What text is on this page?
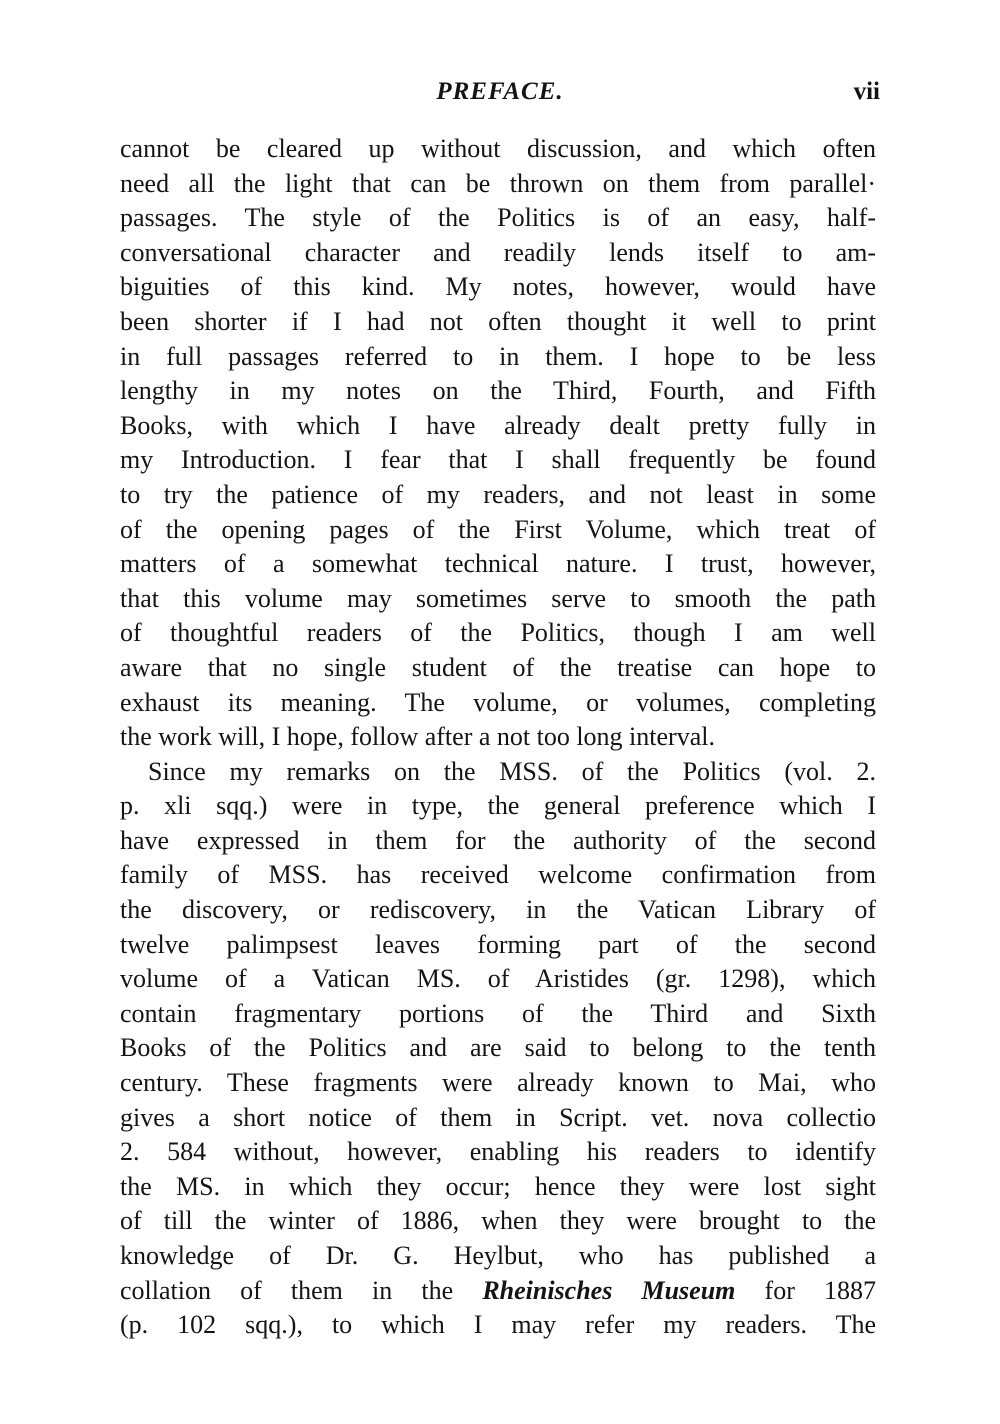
PREFACE.	vii
cannot be cleared up without discussion, and which often
need all the light that can be thrown on them from parallel·
passages. The style of the Politics is of an easy, half-
conversational character and readily lends itself to am-
biguities of this kind. My notes, however, would have
been shorter if I had not often thought it well to print
in full passages referred to in them. I hope to be less
lengthy in my notes on the Third, Fourth, and Fifth
Books, with which I have already dealt pretty fully in
my Introduction. I fear that I shall frequently be found
to try the patience of my readers, and not least in some
of the opening pages of the First Volume, which treat of
matters of a somewhat technical nature. I trust, however,
that this volume may sometimes serve to smooth the path
of thoughtful readers of the Politics, though I am well
aware that no single student of the treatise can hope to
exhaust its meaning. The volume, or volumes, completing
the work will, I hope, follow after a not too long interval.
Since my remarks on the MSS. of the Politics (vol. 2.
p. xli sqq.) were in type, the general preference which I
have expressed in them for the authority of the second
family of MSS. has received welcome confirmation from
the discovery, or rediscovery, in the Vatican Library of
twelve palimpsest leaves forming part of the second
volume of a Vatican MS. of Aristides (gr. 1298), which
contain fragmentary portions of the Third and Sixth
Books of the Politics and are said to belong to the tenth
century. These fragments were already known to Mai, who
gives a short notice of them in Script. vet. nova collectio
2. 584 without, however, enabling his readers to identify
the MS. in which they occur; hence they were lost sight
of till the winter of 1886, when they were brought to the
knowledge of Dr. G. Heylbut, who has published a
collation of them in the Rheinisches Museum for 1887
(p. 102 sqq.), to which I may refer my readers. The
